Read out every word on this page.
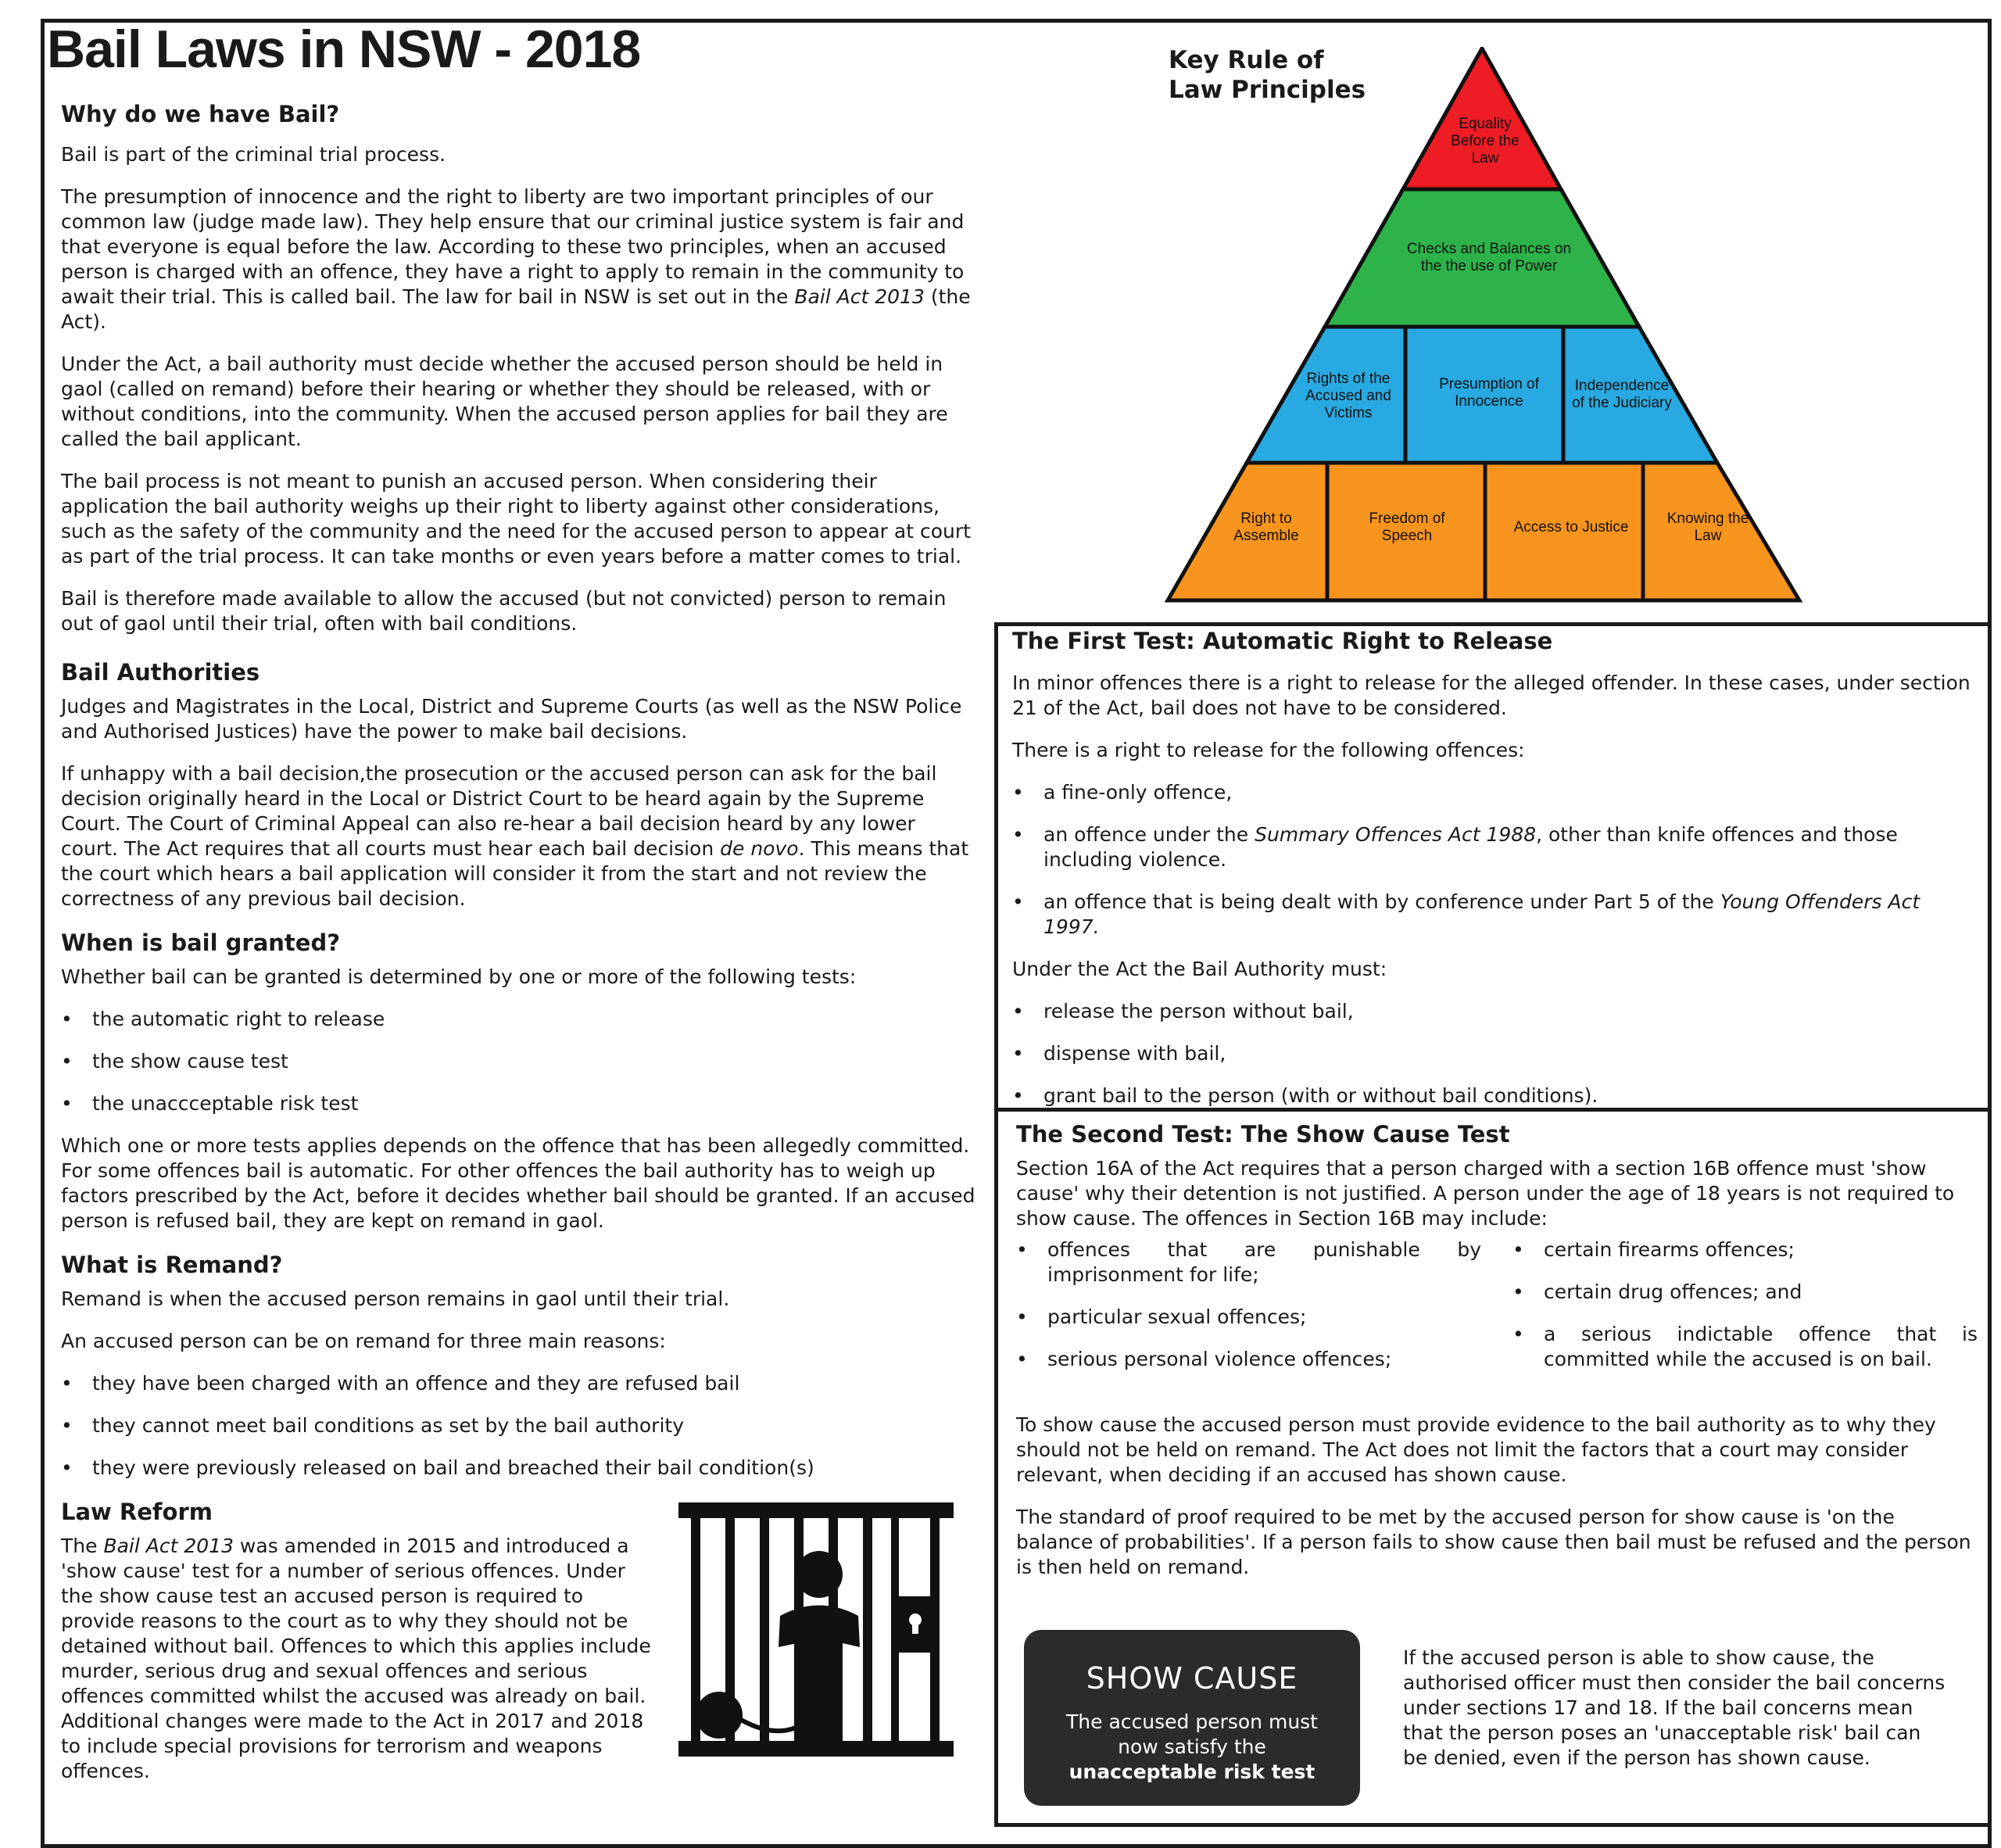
Bail Laws in NSW - 2018	Key Rule of Law Principles
Equality Before the Law
Checks and Balances on the the use of Power
Rights of the Accused and Victims
Presumption of Innocence
Independence of the Judiciary
Right to Assemble
Freedom of Speech
Access to Justice
Knowing the Law
Why do we have Bail?

Bail is part of the criminal trial process.

The presumption of innocence and the right to liberty are two important principles of our common law (judge made law). They help ensure that our criminal justice system is fair and that everyone is equal before the law. According to these two principles, when an accused person is charged with an offence, they have a right to apply to remain in the community to await their trial. This is called bail. The law for bail in NSW is set out in the Bail Act 2013 (the Act).

Under the Act, a bail authority must decide whether the accused person should be held in gaol (called on remand) before their hearing or whether they should be released, with or without conditions, into the community. When the accused person applies for bail they are called the bail applicant.

The bail process is not meant to punish an accused person. When considering their application the bail authority weighs up their right to liberty against other considerations, such as the safety of the community and the need for the accused person to appear at court as part of the trial process. It can take months or even years before a matter comes to trial.

Bail is therefore made available to allow the accused (but not convicted) person to remain out of gaol until their trial, often with bail conditions.

Bail Authorities

Judges and Magistrates in the Local, District and Supreme Courts (as well as the NSW Police and Authorised Justices) have the power to make bail decisions.

If unhappy with a bail decision,the prosecution or the accused person can ask for the bail decision originally heard in the Local or District Court to be heard again by the Supreme Court. The Court of Criminal Appeal can also re-hear a bail decision heard by any lower court. The Act requires that all courts must hear each bail decision de novo. This means that the court which hears a bail application will consider it from the start and not review the correctness of any previous bail decision.

When is bail granted?

Whether bail can be granted is determined by one or more of the following tests:

• the automatic right to release
• the show cause test
• the unaccceptable risk test

Which one or more tests applies depends on the offence that has been allegedly committed. For some offences bail is automatic. For other offences the bail authority has to weigh up factors prescribed by the Act, before it decides whether bail should be granted. If an accused person is refused bail, they are kept on remand in gaol.

What is Remand?

Remand is when the accused person remains in gaol until their trial.

An accused person can be on remand for three main reasons:

• they have been charged with an offence and they are refused bail
• they cannot meet bail conditions as set by the bail authority
• they were previously released on bail and breached their bail condition(s)
Law Reform

The Bail Act 2013 was amended in 2015 and introduced a 'show cause' test for a number of serious offences. Under the show cause test an accused person is required to provide reasons to the court as to why they should not be detained without bail. Offences to which this applies include murder, serious drug and sexual offences and serious offences committed whilst the accused was already on bail. Additional changes were made to the Act in 2017 and 2018 to include special provisions for terrorism and weapons offences.

The First Test: Automatic Right to Release

In minor offences there is a right to release for the alleged offender. In these cases, under section 21 of the Act, bail does not have to be considered.

There is a right to release for the following offences:

• a fine-only offence,
• an offence under the Summary Offences Act 1988, other than knife offences and those including violence.
• an offence that is being dealt with by conference under Part 5 of the Young Offenders Act 1997.

Under the Act the Bail Authority must:

• release the person without bail,
• dispense with bail,
• grant bail to the person (with or without bail conditions).
The Second Test: The Show Cause Test

Section 16A of the Act requires that a person charged with a section 16B offence must 'show cause' why their detention is not justified. A person under the age of 18 years is not required to show cause. The offences in Section 16B may include:

• offences that are punishable by imprisonment for life;
• particular sexual offences;
• serious personal violence offences;
• certain firearms offences;
• certain drug offences; and
• a serious indictable offence that is committed while the accused is on bail.

To show cause the accused person must provide evidence to the bail authority as to why they should not be held on remand. The Act does not limit the factors that a court may consider relevant, when deciding if an accused has shown cause.

The standard of proof required to be met by the accused person for show cause is 'on the balance of probabilities'. If a person fails to show cause then bail must be refused and the person is then held on remand.

SHOW CAUSE
The accused person must now satisfy the
unacceptable risk test

If the accused person is able to show cause, the authorised officer must then consider the bail concerns under sections 17 and 18. If the bail concerns mean that the person poses an 'unacceptable risk' bail can be denied, even if the person has shown cause.
